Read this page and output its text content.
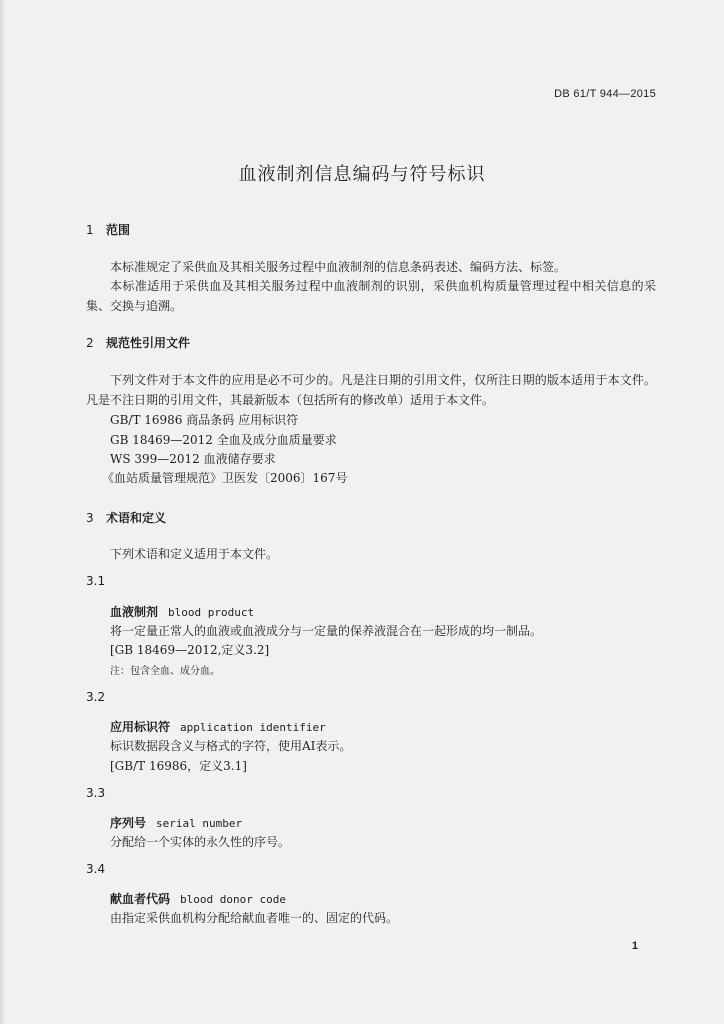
DB 61/T 944—2015
血液制剂信息编码与符号标识
1 范围
本标准规定了采供血及其相关服务过程中血液制剂的信息条码表述、编码方法、标签。
本标准适用于采供血及其相关服务过程中血液制剂的识别，采供血机构质量管理过程中相关信息的采集、交换与追溯。
2 规范性引用文件
下列文件对于本文件的应用是必不可少的。凡是注日期的引用文件，仅所注日期的版本适用于本文件。凡是不注日期的引用文件，其最新版本（包括所有的修改单）适用于本文件。
GB/T 16986 商品条码 应用标识符
GB 18469—2012 全血及成分血质量要求
WS 399—2012 血液储存要求
《血站质量管理规范》卫医发〔2006〕167号
3 术语和定义
下列术语和定义适用于本文件。
3.1
血液制剂 blood product
将一定量正常人的血液或血液成分与一定量的保养液混合在一起形成的均一制品。
[GB 18469—2012,定义3.2]
注：包含全血、成分血。
3.2
应用标识符 application identifier
标识数据段含义与格式的字符，使用AI表示。
[GB/T 16986，定义3.1]
3.3
序列号 serial number
分配给一个实体的永久性的序号。
3.4
献血者代码 blood donor code
由指定采供血机构分配给献血者唯一的、固定的代码。
1
